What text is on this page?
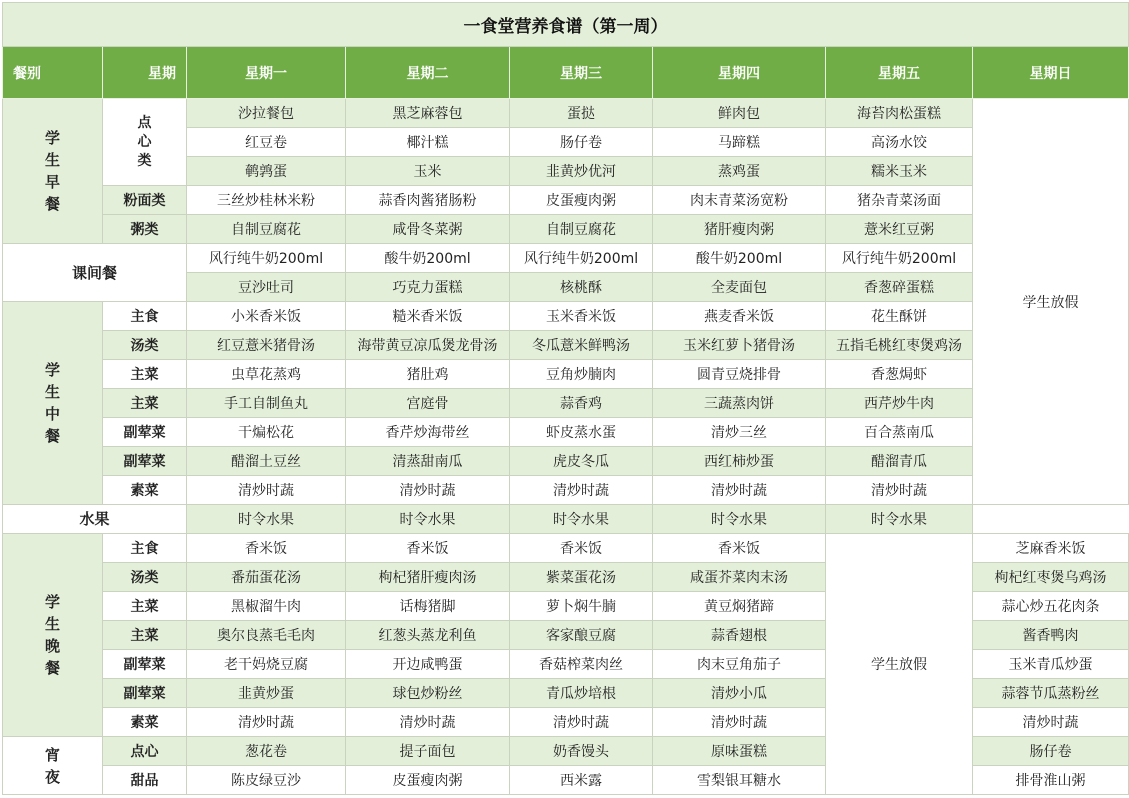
一食堂营养食谱（第一周）							
餐别	星期	星期一	星期二	星期三	星期四	星期五	星期日
学生早餐	点心类	沙拉餐包	黑芝麻蓉包	蛋挞	鲜肉包	海苔肉松蛋糕	学生放假
		红豆卷	椰汁糕	肠仔卷	马蹄糕	高汤水饺	
		鹌鹑蛋	玉米	韭黄炒优河	蒸鸡蛋	糯米玉米	
	粉面类	三丝炒桂林米粉	蒜香肉酱猪肠粉	皮蛋瘦肉粥	肉末青菜汤宽粉	猪杂青菜汤面	
	粥类	自制豆腐花	咸骨冬菜粥	自制豆腐花	猪肝瘦肉粥	薏米红豆粥	
课间餐		风行纯牛奶200ml	酸牛奶200ml	风行纯牛奶200ml	酸牛奶200ml	风行纯牛奶200ml	
		豆沙吐司	巧克力蛋糕	核桃酥	全麦面包	香葱碎蛋糕	
学生中餐	主食	小米香米饭	糙米香米饭	玉米香米饭	燕麦香米饭	花生酥饼	
	汤类	红豆薏米猪骨汤	海带黄豆凉瓜煲龙骨汤	冬瓜薏米鲜鸭汤	玉米红萝卜猪骨汤	五指毛桃红枣煲鸡汤	
	主菜	虫草花蒸鸡	猪肚鸡	豆角炒腩肉	圆青豆烧排骨	香葱焗虾	
	主菜	手工自制鱼丸	宫庭骨	蒜香鸡	三蔬蒸肉饼	西芹炒牛肉	
	副荤菜	干煸松花	香芹炒海带丝	虾皮蒸水蛋	清炒三丝	百合蒸南瓜	
	副荤菜	醋溜土豆丝	清蒸甜南瓜	虎皮冬瓜	西红柿炒蛋	醋溜青瓜	
	素菜	清炒时蔬	清炒时蔬	清炒时蔬	清炒时蔬	清炒时蔬	
水果		时令水果	时令水果	时令水果	时令水果	时令水果	
学生晚餐	主食	香米饭	香米饭	香米饭	香米饭	学生放假	芝麻香米饭
	汤类	番茄蛋花汤	枸杞猪肝瘦肉汤	紫菜蛋花汤	咸蛋芥菜肉末汤		枸杞红枣煲乌鸡汤
	主菜	黑椒溜牛肉	话梅猪脚	萝卜焖牛腩	黄豆焖猪蹄		蒜心炒五花肉条
	主菜	奥尔良蒸毛毛肉	红葱头蒸龙利鱼	客家酿豆腐	蒜香翅根		酱香鸭肉
	副荤菜	老干妈烧豆腐	开边咸鸭蛋	香菇榨菜肉丝	肉末豆角茄子		玉米青瓜炒蛋
	副荤菜	韭黄炒蛋	球包炒粉丝	青瓜炒培根	清炒小瓜		蒜蓉节瓜蒸粉丝
	素菜	清炒时蔬	清炒时蔬	清炒时蔬	清炒时蔬		清炒时蔬
宵夜	点心	葱花卷	提子面包	奶香馒头	原味蛋糕		肠仔卷
	甜品	陈皮绿豆沙	皮蛋瘦肉粥	西米露	雪梨银耳糖水		排骨淮山粥
